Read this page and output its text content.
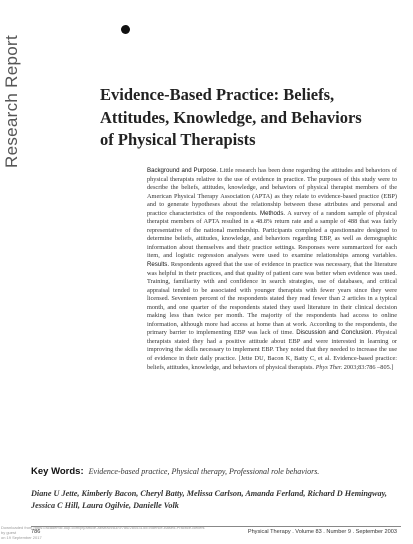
Research Report	Evidence-Based Practice: Beliefs,
Attitudes, Knowledge, and Behaviors
of Physical Therapists

Background and Purpose. Little research has been done regarding the attitudes and behaviors of physical therapists relative to the use of evidence in practice. The purposes of this study were to describe the beliefs, attitudes, knowledge, and behaviors of physical therapist members of the American Physical Therapy Association (APTA) as they relate to evidence-based practice (EBP) and to generate hypotheses about the relationship between these attributes and personal and practice characteristics of the respondents. Methods. A survey of a random sample of physical therapist members of APTA resulted in a 48.8% return rate and a sample of 488 that was fairly representative of the national membership. Participants completed a questionnaire designed to determine beliefs, attitudes, knowledge, and behaviors regarding EBP, as well as demographic information about themselves and their practice settings. Responses were summarized for each item, and logistic regression analyses were used to examine relationships among variables. Results. Respondents agreed that the use of evidence in practice was necessary, that the literature was helpful in their practices, and that quality of patient care was better when evidence was used. Training, familiarity with and confidence in search strategies, use of databases, and critical appraisal tended to be associated with younger therapists with fewer years since they were licensed. Seventeen percent of the respondents stated they read fewer than 2 articles in a typical month, and one quarter of the respondents stated they used literature in their clinical decision making less than twice per month. The majority of the respondents had access to online information, although more had access at home than at work. According to the respondents, the primary barrier to implementing EBP was lack of time. Discussion and Conclusion. Physical therapists stated they had a positive attitude about EBP and were interested in learning or improving the skills necessary to implement EBP. They noted that they needed to increase the use of evidence in their daily practice. [Jette DU, Bacon K, Batty C, et al. Evidence-based practice: beliefs, attitudes, knowledge, and behaviors of physical therapists. Phys Ther. 2003;83:786 –805.]

Key Words: Evidence-based practice, Physical therapy, Professional role behaviors.
Diane U Jette, Kimberly Bacon, Cheryl Batty, Melissa Carlson, Amanda Ferland, Richard D Hemingway, Jessica C Hill, Laura Ogilvie, Danielle Volk
Downloaded from https://academic.oup.com/ptj/article-abstract/83/9/786/2805315/Evidence-Based-Practice-Beliefs
by guest
on 19 September 2017
786	Physical Therapy . Volume 83 . Number 9 . September 2003
